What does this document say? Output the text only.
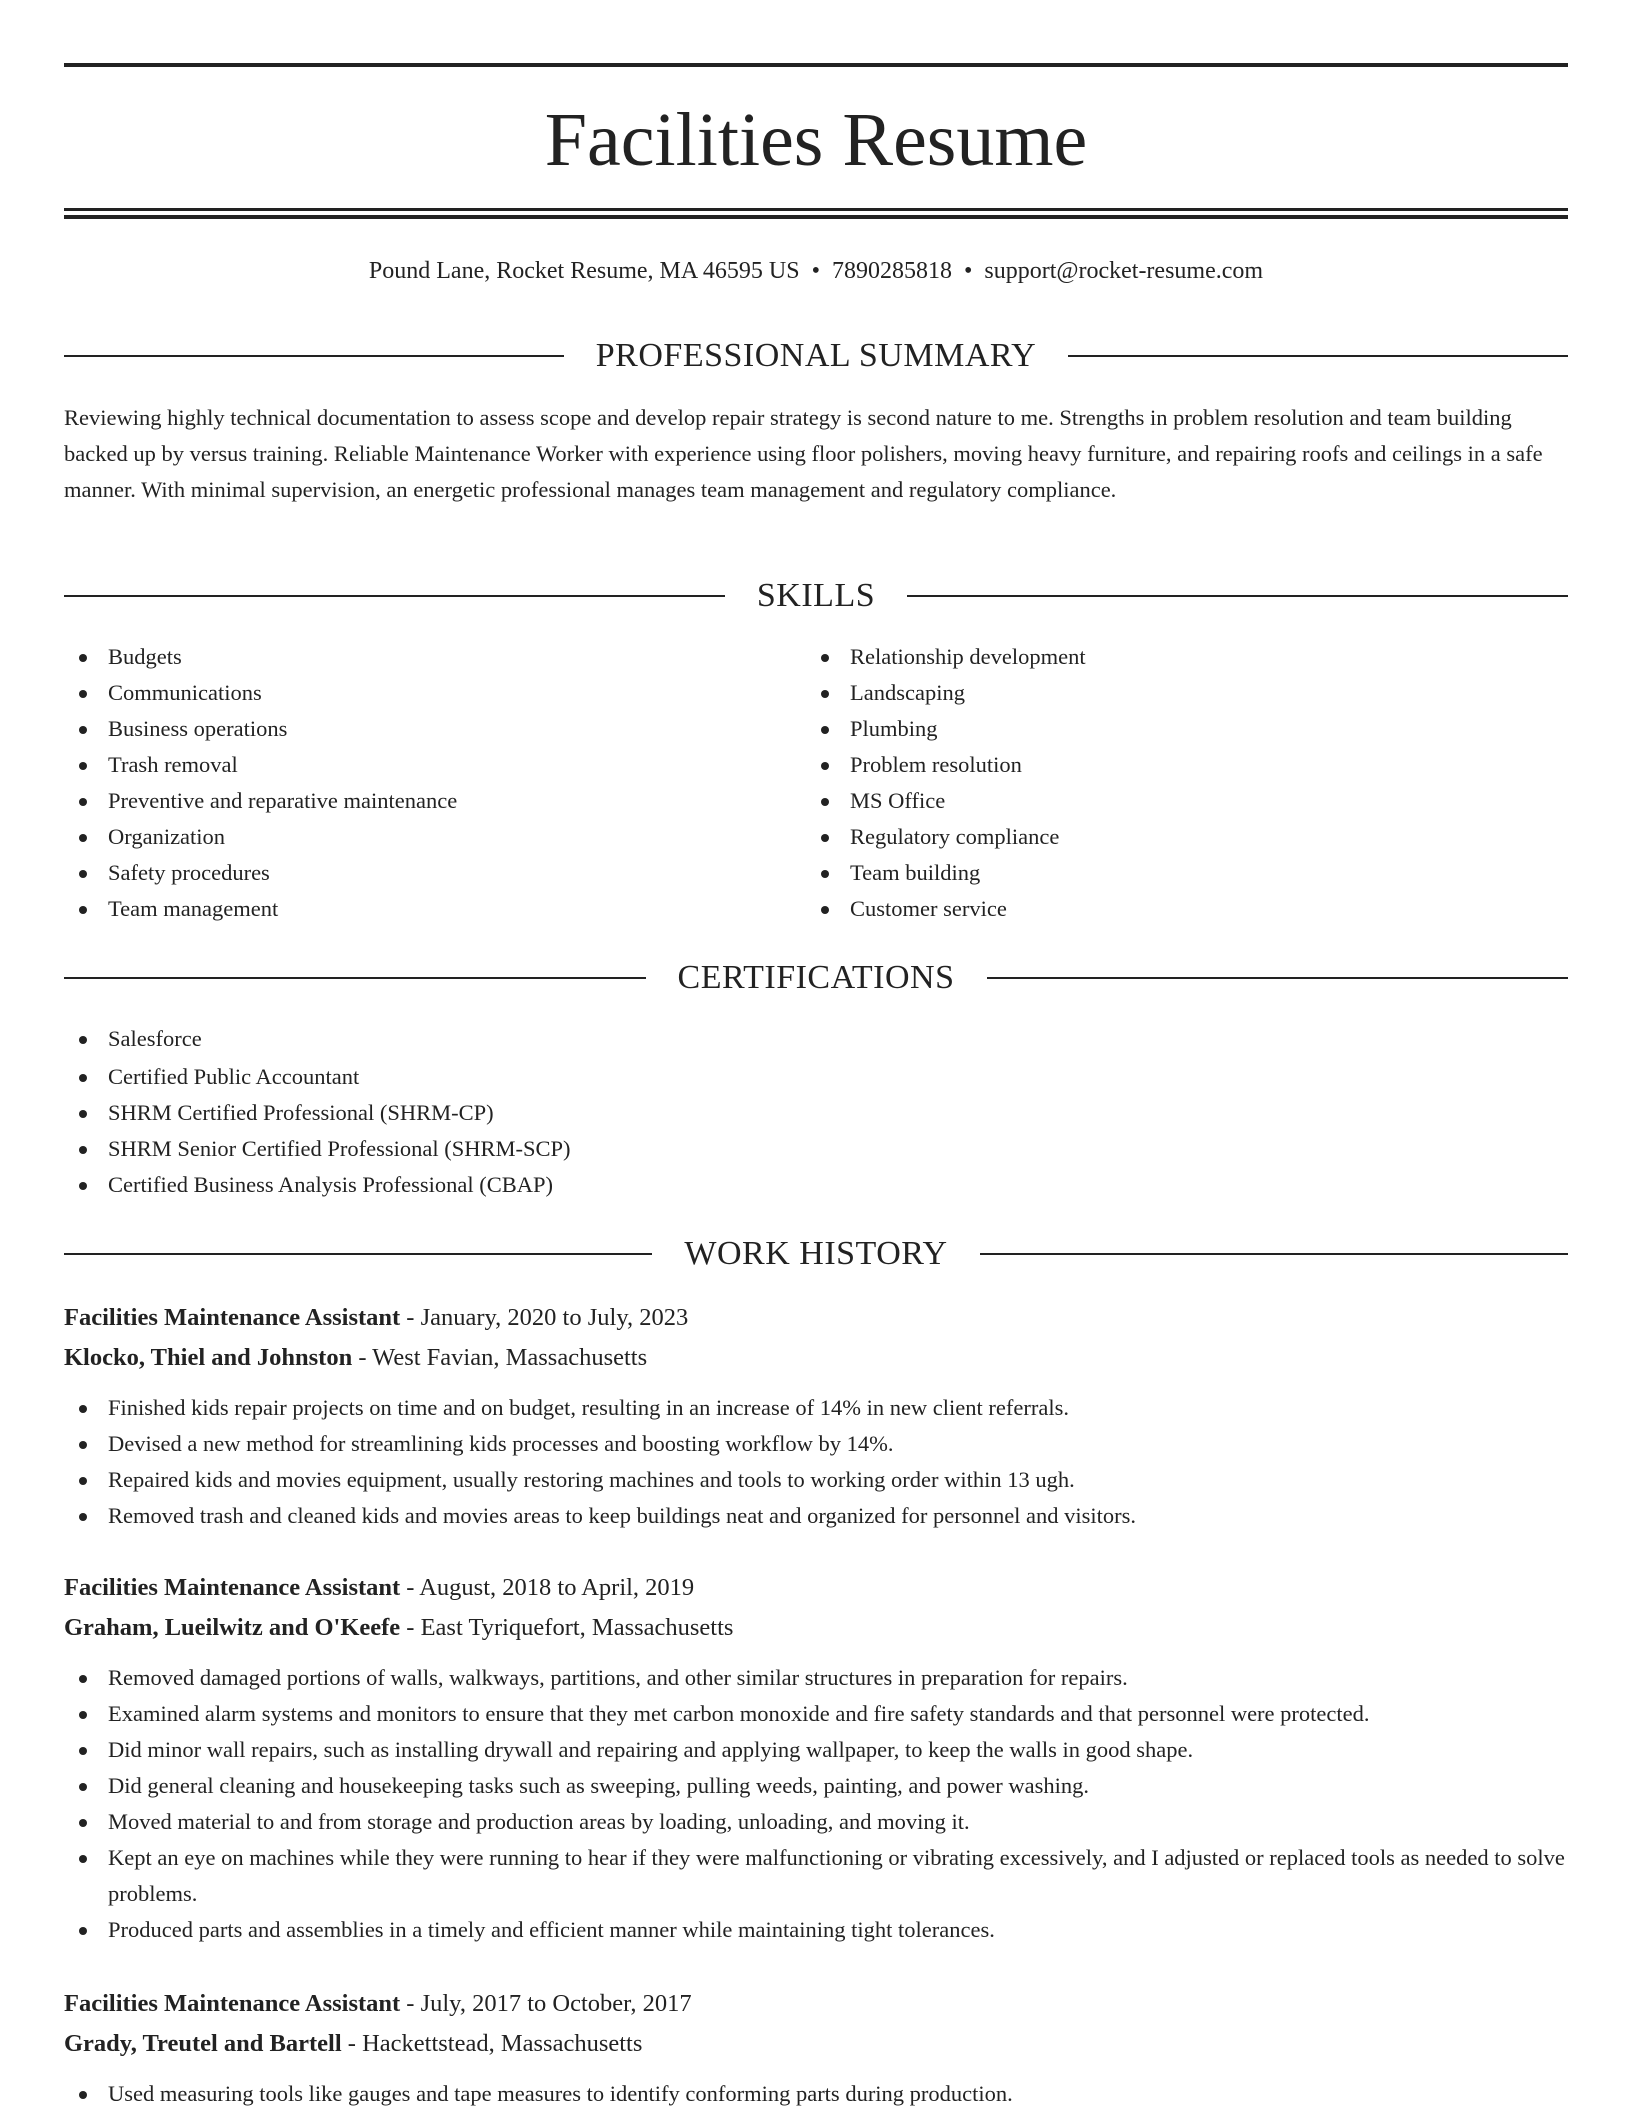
Facilities Resume
Pound Lane, Rocket Resume, MA 46595 US • 7890285818 • support@rocket-resume.com
PROFESSIONAL SUMMARY

Reviewing highly technical documentation to assess scope and develop repair strategy is second nature to me. Strengths in problem resolution and team building backed up by versus training. Reliable Maintenance Worker with experience using floor polishers, moving heavy furniture, and repairing roofs and ceilings in a safe manner. With minimal supervision, an energetic professional manages team management and regulatory compliance.

SKILLS
Budgets
Communications
Business operations
Trash removal
Preventive and reparative maintenance
Organization
Safety procedures
Team management
Relationship development
Landscaping
Plumbing
Problem resolution
MS Office
Regulatory compliance
Team building
Customer service
CERTIFICATIONS
Salesforce
Certified Public Accountant
SHRM Certified Professional (SHRM-CP)
SHRM Senior Certified Professional (SHRM-SCP)
Certified Business Analysis Professional (CBAP)
WORK HISTORY
Facilities Maintenance Assistant - January, 2020 to July, 2023
Klocko, Thiel and Johnston - West Favian, Massachusetts
Finished kids repair projects on time and on budget, resulting in an increase of 14% in new client referrals.
Devised a new method for streamlining kids processes and boosting workflow by 14%.
Repaired kids and movies equipment, usually restoring machines and tools to working order within 13 ugh.
Removed trash and cleaned kids and movies areas to keep buildings neat and organized for personnel and visitors.
Facilities Maintenance Assistant - August, 2018 to April, 2019
Graham, Lueilwitz and O'Keefe - East Tyriquefort, Massachusetts
Removed damaged portions of walls, walkways, partitions, and other similar structures in preparation for repairs.
Examined alarm systems and monitors to ensure that they met carbon monoxide and fire safety standards and that personnel were protected.
Did minor wall repairs, such as installing drywall and repairing and applying wallpaper, to keep the walls in good shape.
Did general cleaning and housekeeping tasks such as sweeping, pulling weeds, painting, and power washing.
Moved material to and from storage and production areas by loading, unloading, and moving it.
Kept an eye on machines while they were running to hear if they were malfunctioning or vibrating excessively, and I adjusted or replaced tools as needed to solve problems.
Produced parts and assemblies in a timely and efficient manner while maintaining tight tolerances.
Facilities Maintenance Assistant - July, 2017 to October, 2017
Grady, Treutel and Bartell - Hackettstead, Massachusetts
Used measuring tools like gauges and tape measures to identify conforming parts during production.
